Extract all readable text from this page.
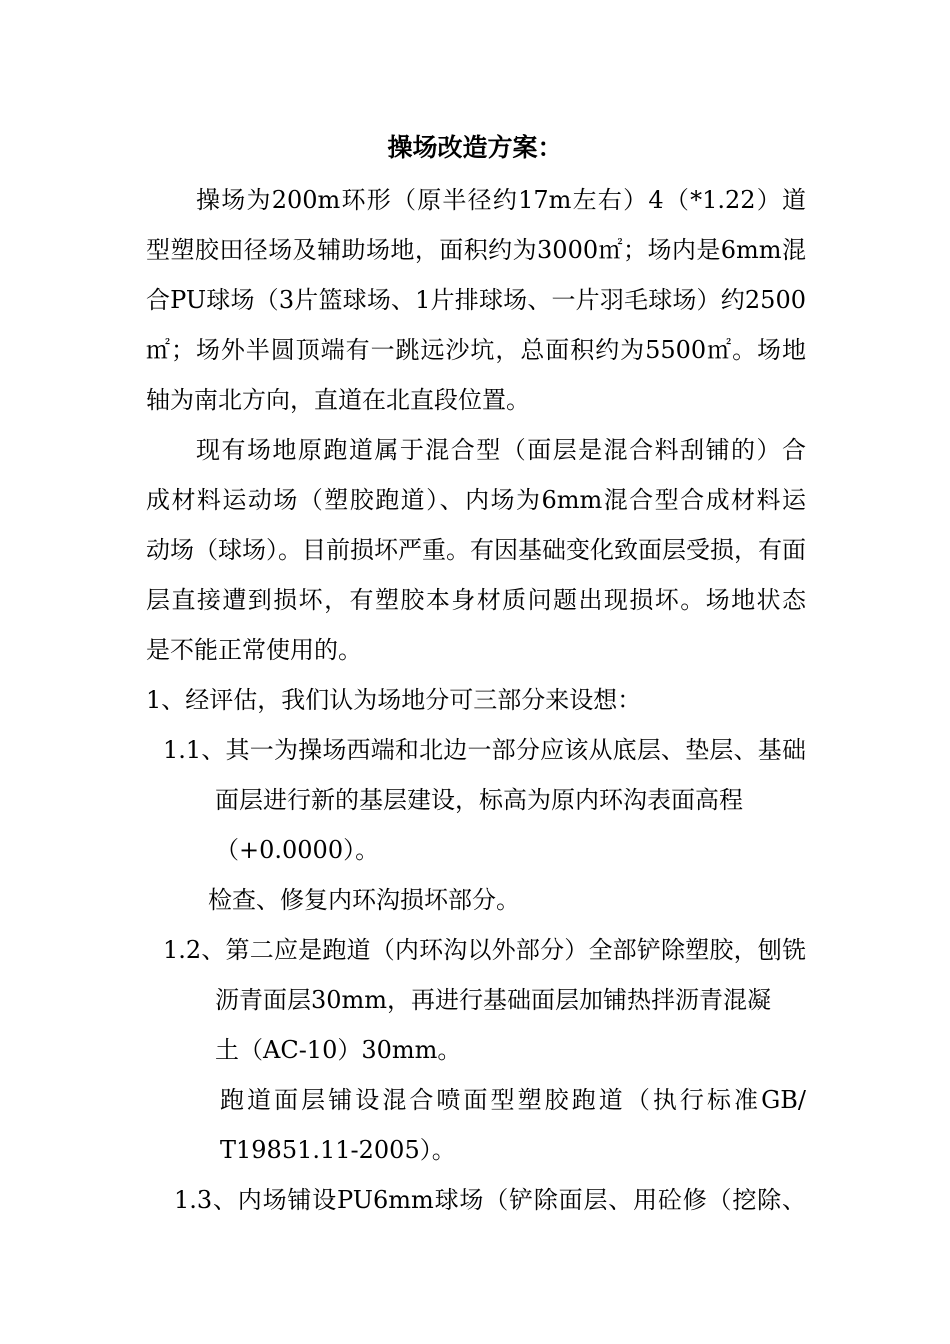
操场改造方案：
操场为200m环形（原半径约17m左右）4（*1.22）道
型塑胶田径场及辅助场地，面积约为3000㎡；场内是6mm混
合PU球场（3片篮球场、1片排球场、一片羽毛球场）约2500
㎡；场外半圆顶端有一跳远沙坑，总面积约为5500㎡。场地
轴为南北方向，直道在北直段位置。
现有场地原跑道属于混合型（面层是混合料刮铺的）合
成材料运动场（塑胶跑道）、内场为6mm混合型合成材料运
动场（球场）。目前损坏严重。有因基础变化致面层受损，有面
层直接遭到损坏，有塑胶本身材质问题出现损坏。场地状态
是不能正常使用的。
1、经评估，我们认为场地分可三部分来设想：
1.1、其一为操场西端和北边一部分应该从底层、垫层、基础
面层进行新的基层建设，标高为原内环沟表面高程
（+0.0000）。
检查、修复内环沟损坏部分。
1.2、第二应是跑道（内环沟以外部分）全部铲除塑胶，刨铣
沥青面层30mm，再进行基础面层加铺热拌沥青混凝
土（AC-10）30mm。
跑道面层铺设混合喷面型塑胶跑道（执行标准GB/
T19851.11-2005）。
1.3、内场铺设PU6mm球场（铲除面层、用砼修（挖除、
